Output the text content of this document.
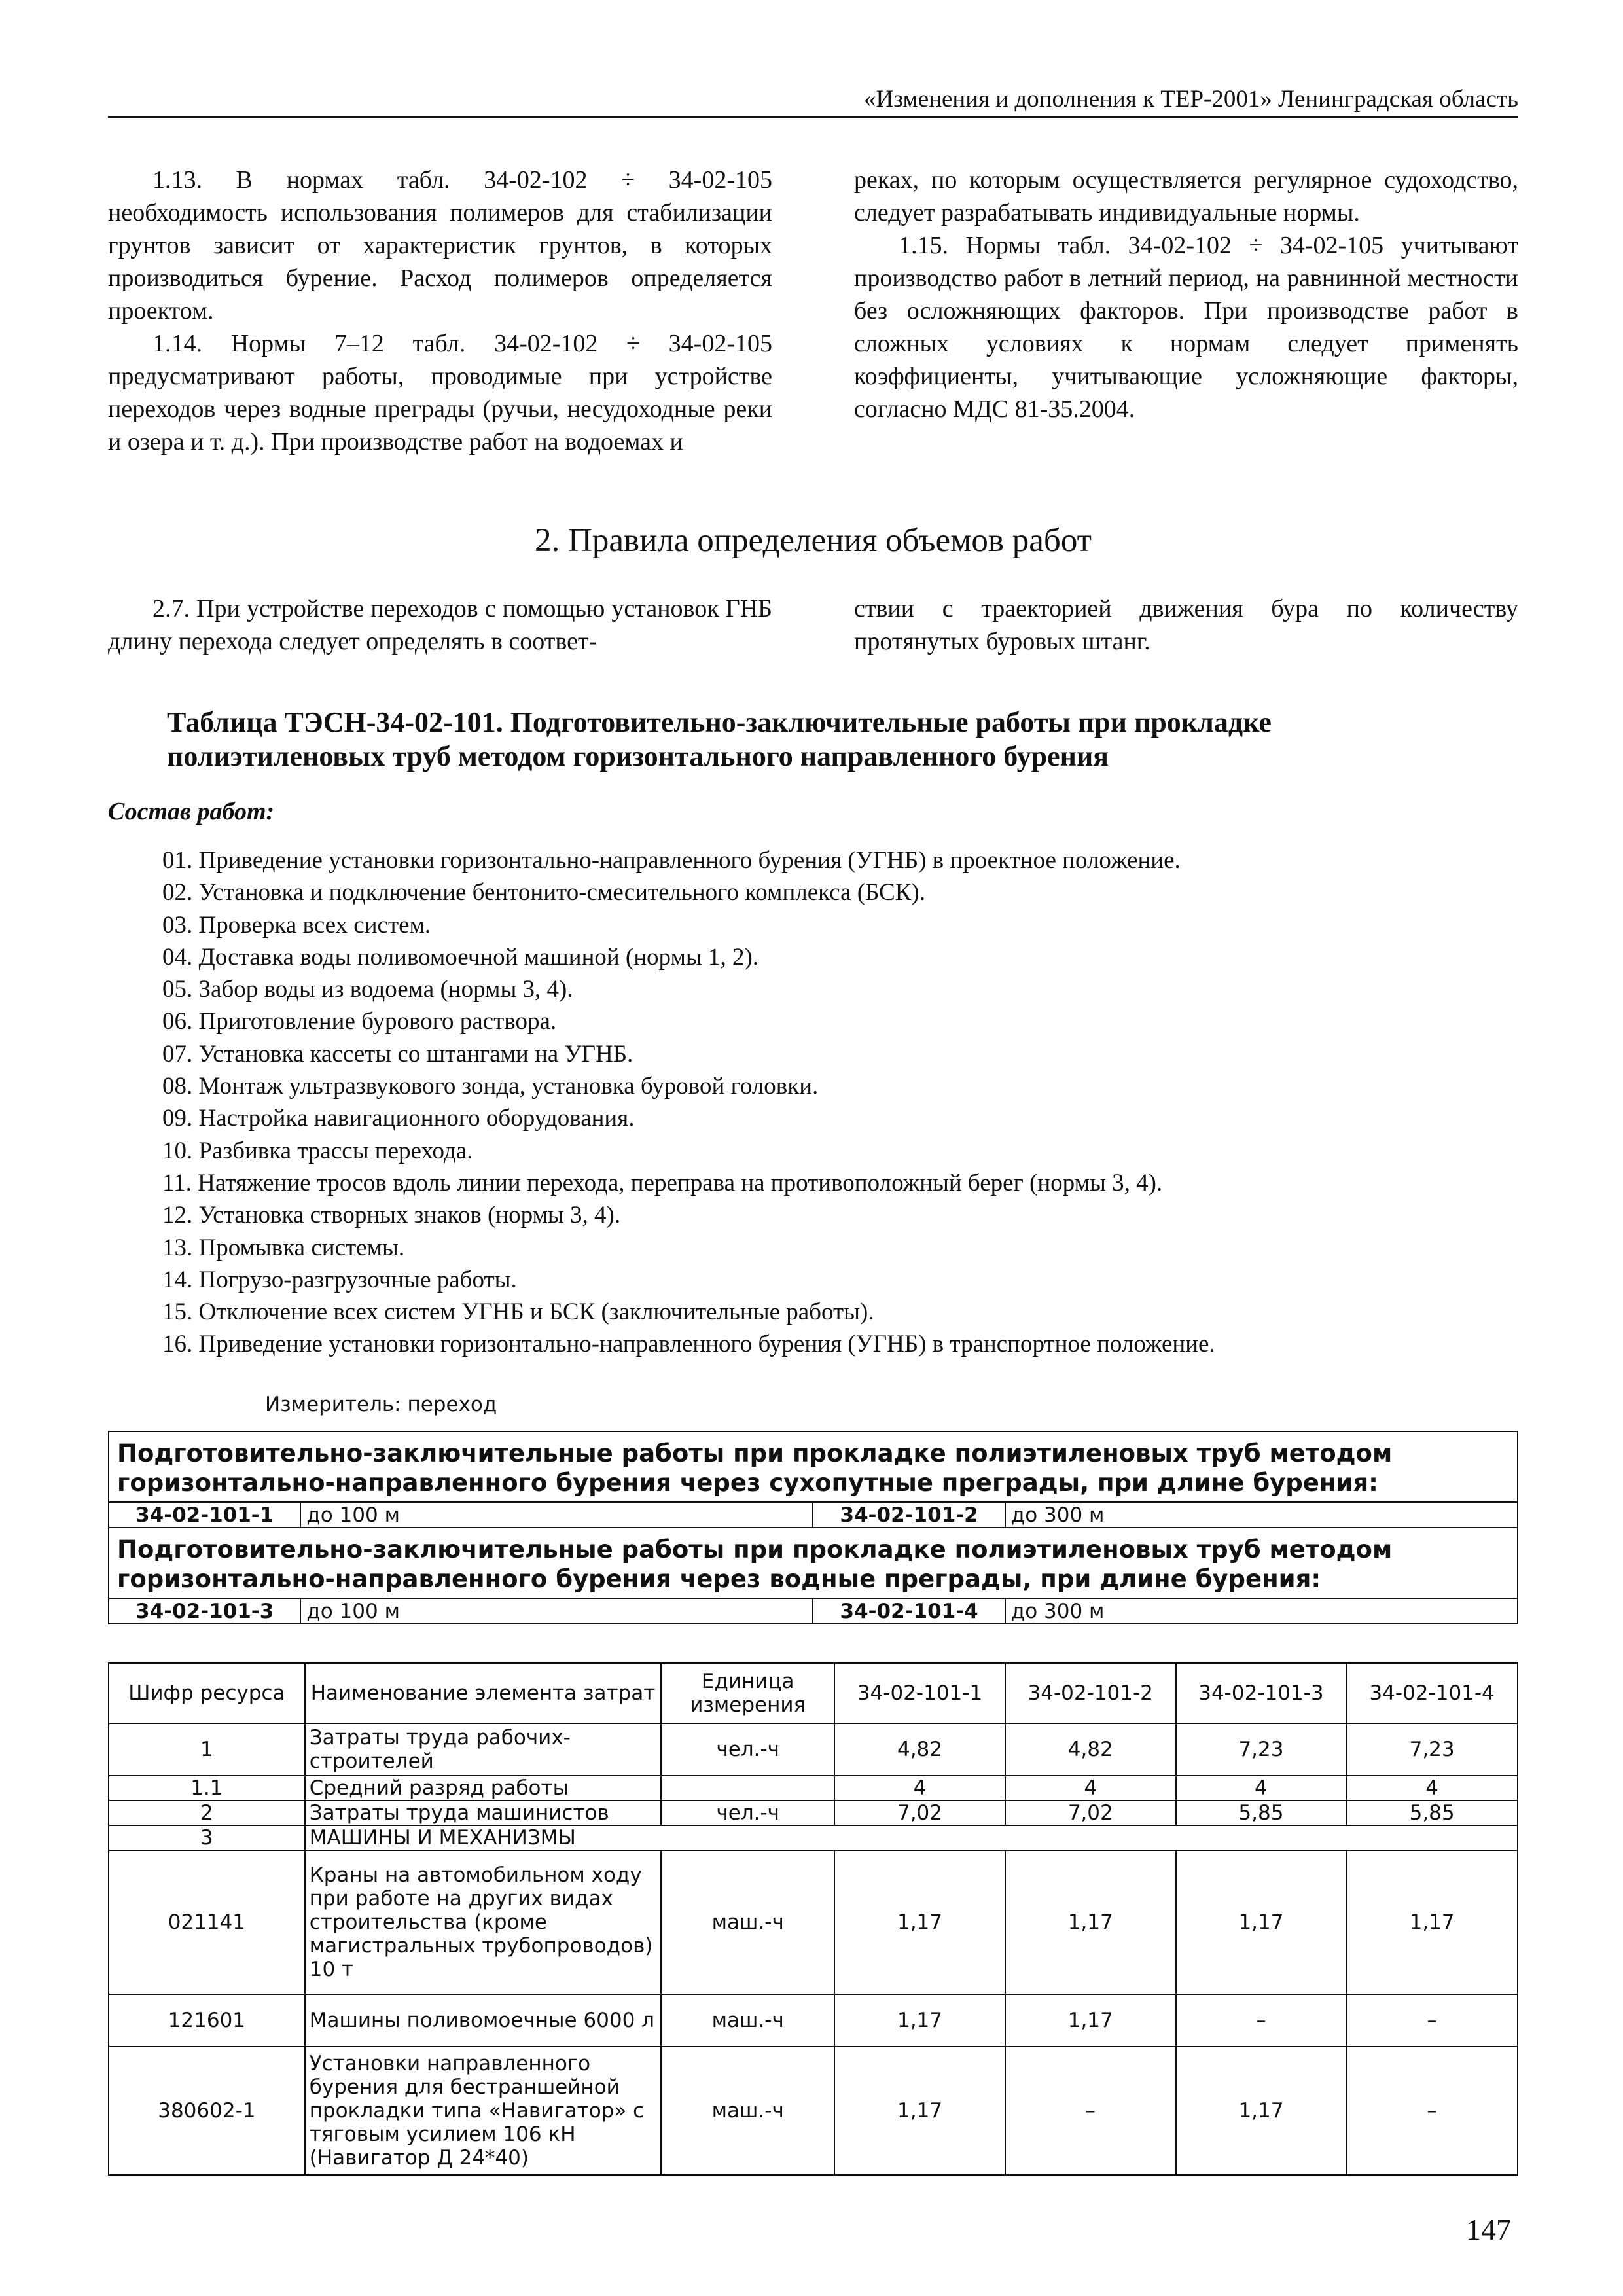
«Изменения и дополнения к ТЕР-2001» Ленинградская область

1.13. В нормах табл. 34-02-102 ÷ 34-02-105 необходимость использования полимеров для стабилизации грунтов зависит от характеристик грунтов, в которых производиться бурение. Расход полимеров определяется проектом.

1.14. Нормы 7–12 табл. 34-02-102 ÷ 34-02-105 предусматривают работы, проводимые при устройстве переходов через водные преграды (ручьи, несудоходные реки и озера и т. д.). При производстве работ на водоемах и

реках, по которым осуществляется регулярное судоходство, следует разрабатывать индивидуальные нормы.

1.15. Нормы табл. 34-02-102 ÷ 34-02-105 учитывают производство работ в летний период, на равнинной местности без осложняющих факторов. При производстве работ в сложных условиях к нормам следует применять коэффициенты, учитывающие усложняющие факторы, согласно МДС 81-35.2004.

2. Правила определения объемов работ

2.7. При устройстве переходов с помощью установок ГНБ длину перехода следует определять в соответ-

ствии с траекторией движения бура по количеству протянутых буровых штанг.

Таблица ТЭСН-34-02-101. Подготовительно-заключительные работы при прокладке полиэтиленовых труб методом горизонтального направленного бурения
Состав работ:
01. Приведение установки горизонтально-направленного бурения (УГНБ) в проектное положение.
02. Установка и подключение бентонито-смесительного комплекса (БСК).
03. Проверка всех систем.
04. Доставка воды поливомоечной машиной (нормы 1, 2).
05. Забор воды из водоема (нормы 3, 4).
06. Приготовление бурового раствора.
07. Установка кассеты со штангами на УГНБ.
08. Монтаж ультразвукового зонда, установка буровой головки.
09. Настройка навигационного оборудования.
10. Разбивка трассы перехода.
11. Натяжение тросов вдоль линии перехода, переправа на противоположный берег (нормы 3, 4).
12. Установка створных знаков (нормы 3, 4).
13. Промывка системы.
14. Погрузо-разгрузочные работы.
15. Отключение всех систем УГНБ и БСК (заключительные работы).
16. Приведение установки горизонтально-направленного бурения (УГНБ) в транспортное положение.
Измеритель: переход
Подготовительно-заключительные работы при прокладке полиэтиленовых труб методом горизонтально-направленного бурения через сухопутные преграды, при длине бурения:			
34-02-101-1	до 100 м	34-02-101-2	до 300 м
Подготовительно-заключительные работы при прокладке полиэтиленовых труб методом горизонтально-направленного бурения через водные преграды, при длине бурения:			
34-02-101-3	до 100 м	34-02-101-4	до 300 м
Шифр ресурса	Наименование элемента затрат	Единица измерения	34-02-101-1	34-02-101-2	34-02-101-3	34-02-101-4
1	Затраты труда рабочих-строителей	чел.-ч	4,82	4,82	7,23	7,23
1.1	Средний разряд работы		4	4	4	4
2	Затраты труда машинистов	чел.-ч	7,02	7,02	5,85	5,85
3	МАШИНЫ И МЕХАНИЗМЫ					
021141	Краны на автомобильном ходу при работе на других видах строительства (кроме магистральных трубопроводов) 10 т	маш.-ч	1,17	1,17	1,17	1,17
121601	Машины поливомоечные 6000 л	маш.-ч	1,17	1,17	–	–
380602-1	Установки направленного бурения для бестраншейной прокладки типа «Навигатор» с тяговым усилием 106 кН (Навигатор Д 24*40)	маш.-ч	1,17	–	1,17	–
147
